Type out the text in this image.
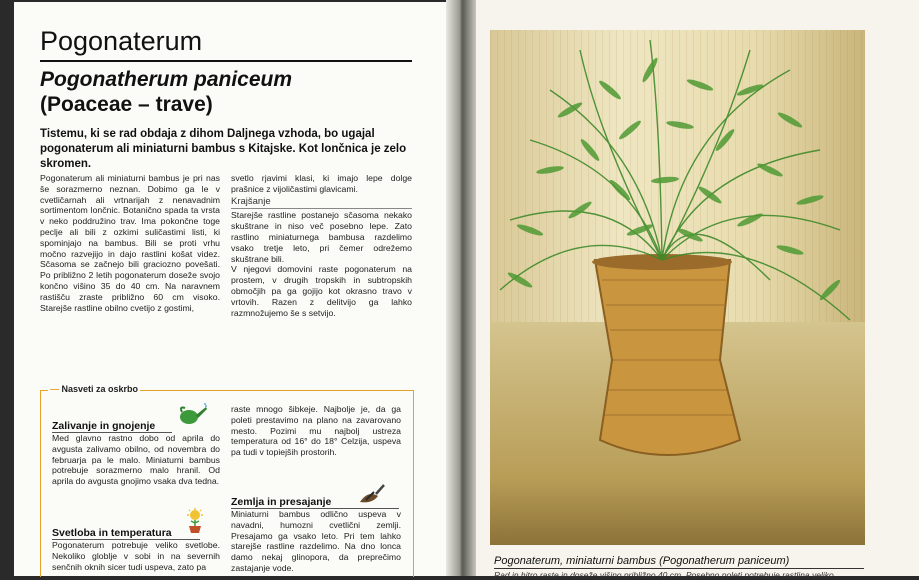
Pogonaterum
Pogonatherum paniceum
(Poaceae – trave)

Tistemu, ki se rad obdaja z dihom Daljnega vzhoda, bo ugajal pogonaterum ali miniaturni bambus s Kitajske. Kot lončnica je zelo skromen.

Pogonaterum ali miniaturni bambus je pri nas še sorazmerno neznan. Dobimo ga le v cvetličarnah ali vrtnarijah z nenavadnim sortimentom lončnic. Botanično spada ta vrsta v neko poddružino trav. Ima pokončne toge peclje ali bili z ozkimi suličastimi listi, ki spominjajo na bambus. Bili se proti vrhu močno razvejijo in dajo rastlini košat videz. Sčasoma se začnejo bili graciozno povešati. Po približno 2 letih pogonaterum doseže svojo končno višino 35 do 40 cm. Na naravnem rastišču zraste približno 60 cm visoko. Starejše rastline obilno cvetijo z gostimi,

svetlo rjavimi klasi, ki imajo lepe dolge prašnice z vijoličastimi glavicami.

Krajšanje

Starejše rastline postanejo sčasoma nekako skuštrane in niso več posebno lepe. Zato rastlino miniaturnega bambusa razdelimo vsako tretje leto, pri čemer odrežemo skuštrane bili.

V njegovi domovini raste pogonaterum na prostem, v drugih tropskih in subtropskih območjih pa ga gojijo kot okrasno travo v vrtovih. Razen z delitvijo ga lahko razmnožujemo še s setvijo.

— Nasveti za oskrbo
Zalivanje in gnojenje

Med glavno rastno dobo od aprila do avgusta zalivamo obilno, od novembra do februarja pa le malo. Miniaturni bambus potrebuje sorazmerno malo hranil. Od aprila do avgusta gnojimo vsaka dva tedna.

Svetloba in temperatura

Pogonaterum potrebuje veliko svetlobe. Nekoliko globlje v sobi in na severnih senčnih oknih sicer tudi uspeva, zato pa

raste mnogo šibkeje. Najbolje je, da ga poleti prestavimo na plano na zavarovano mesto. Pozimi mu najbolj ustreza temperatura od 16° do 18° Celzija, uspeva pa tudi v topiejših prostorih.

Zemlja in presajanje

Miniaturni bambus odlično uspeva v navadni, humozni cvetlični zemlji. Presajamo ga vsako leto. Pri tem lahko starejše rastline razdelimo. Na dno lonca damo nekaj glinopora, da preprečimo zastajanje vode.

Pogonaterum, miniaturni bambus (Pogonatherum paniceum)

Rad in hitro raste in doseže višino približno 40 cm. Posebno poleti potrebuje rastlina veliko
